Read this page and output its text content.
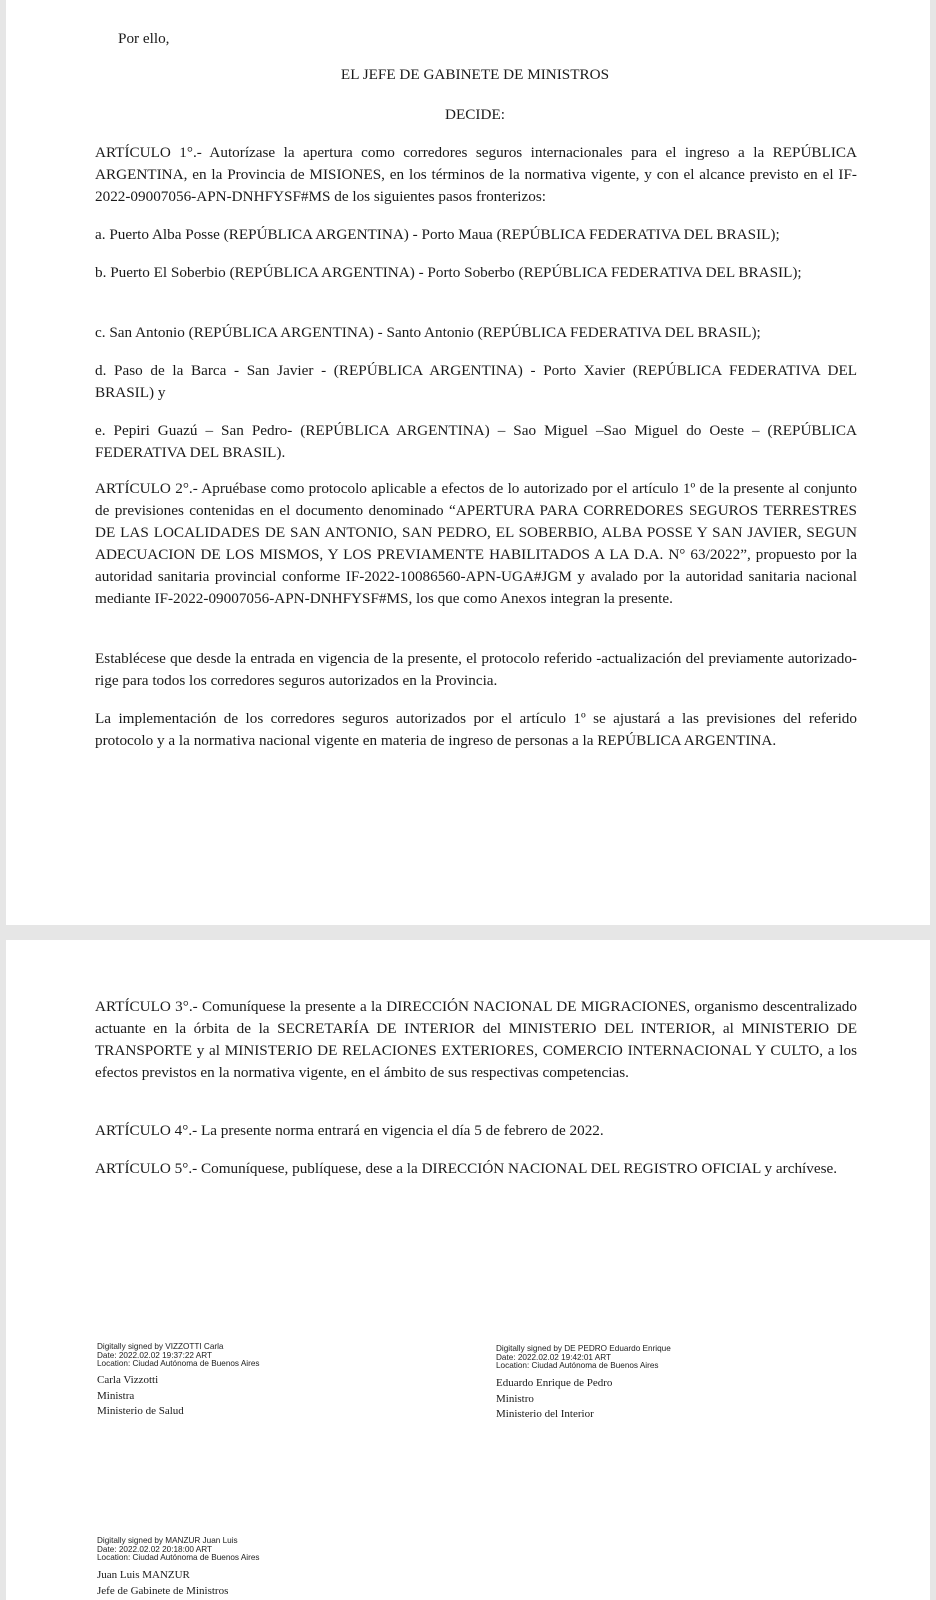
Por ello,

EL JEFE DE GABINETE DE MINISTROS

DECIDE:

ARTÍCULO 1°.- Autorízase la apertura como corredores seguros internacionales para el ingreso a la REPÚBLICA ARGENTINA, en la Provincia de MISIONES, en los términos de la normativa vigente, y con el alcance previsto en el IF-2022-09007056-APN-DNHFYSF#MS de los siguientes pasos fronterizos:

a. Puerto Alba Posse (REPÚBLICA ARGENTINA) - Porto Maua (REPÚBLICA FEDERATIVA DEL BRASIL);

b. Puerto El Soberbio (REPÚBLICA ARGENTINA) - Porto Soberbo (REPÚBLICA FEDERATIVA DEL BRASIL);

c. San Antonio (REPÚBLICA ARGENTINA) - Santo Antonio (REPÚBLICA FEDERATIVA DEL BRASIL);

d. Paso de la Barca - San Javier - (REPÚBLICA ARGENTINA) - Porto Xavier (REPÚBLICA FEDERATIVA DEL BRASIL) y

e. Pepiri Guazú – San Pedro- (REPÚBLICA ARGENTINA) – Sao Miguel –Sao Miguel do Oeste – (REPÚBLICA FEDERATIVA DEL BRASIL).

ARTÍCULO 2°.- Apruébase como protocolo aplicable a efectos de lo autorizado por el artículo 1º de la presente al conjunto de previsiones contenidas en el documento denominado “APERTURA PARA CORREDORES SEGUROS TERRESTRES DE LAS LOCALIDADES DE SAN ANTONIO, SAN PEDRO, EL SOBERBIO, ALBA POSSE Y SAN JAVIER, SEGUN ADECUACION DE LOS MISMOS, Y LOS PREVIAMENTE HABILITADOS A LA D.A. N° 63/2022”, propuesto por la autoridad sanitaria provincial conforme IF-2022-10086560-APN-UGA#JGM y avalado por la autoridad sanitaria nacional mediante IF-2022-09007056-APN-DNHFYSF#MS, los que como Anexos integran la presente.

Establécese que desde la entrada en vigencia de la presente, el protocolo referido -actualización del previamente autorizado- rige para todos los corredores seguros autorizados en la Provincia.

La implementación de los corredores seguros autorizados por el artículo 1º se ajustará a las previsiones del referido protocolo y a la normativa nacional vigente en materia de ingreso de personas a la REPÚBLICA ARGENTINA.

ARTÍCULO 3°.- Comuníquese la presente a la DIRECCIÓN NACIONAL DE MIGRACIONES, organismo descentralizado actuante en la órbita de la SECRETARÍA DE INTERIOR del MINISTERIO DEL INTERIOR, al MINISTERIO DE TRANSPORTE y al MINISTERIO DE RELACIONES EXTERIORES, COMERCIO INTERNACIONAL Y CULTO, a los efectos previstos en la normativa vigente, en el ámbito de sus respectivas competencias.

ARTÍCULO 4°.- La presente norma entrará en vigencia el día 5 de febrero de 2022.

ARTÍCULO 5°.- Comuníquese, publíquese, dese a la DIRECCIÓN NACIONAL DEL REGISTRO OFICIAL y archívese.

Digitally signed by VIZZOTTI Carla
Date: 2022.02.02 19:37:22 ART
Location: Ciudad Autónoma de Buenos Aires
Carla Vizzotti
Ministra
Ministerio de Salud
Digitally signed by DE PEDRO Eduardo Enrique
Date: 2022.02.02 19:42:01 ART
Location: Ciudad Autónoma de Buenos Aires
Eduardo Enrique de Pedro
Ministro
Ministerio del Interior
Digitally signed by MANZUR Juan Luis
Date: 2022.02.02 20:18:00 ART
Location: Ciudad Autónoma de Buenos Aires
Juan Luis MANZUR
Jefe de Gabinete de Ministros
